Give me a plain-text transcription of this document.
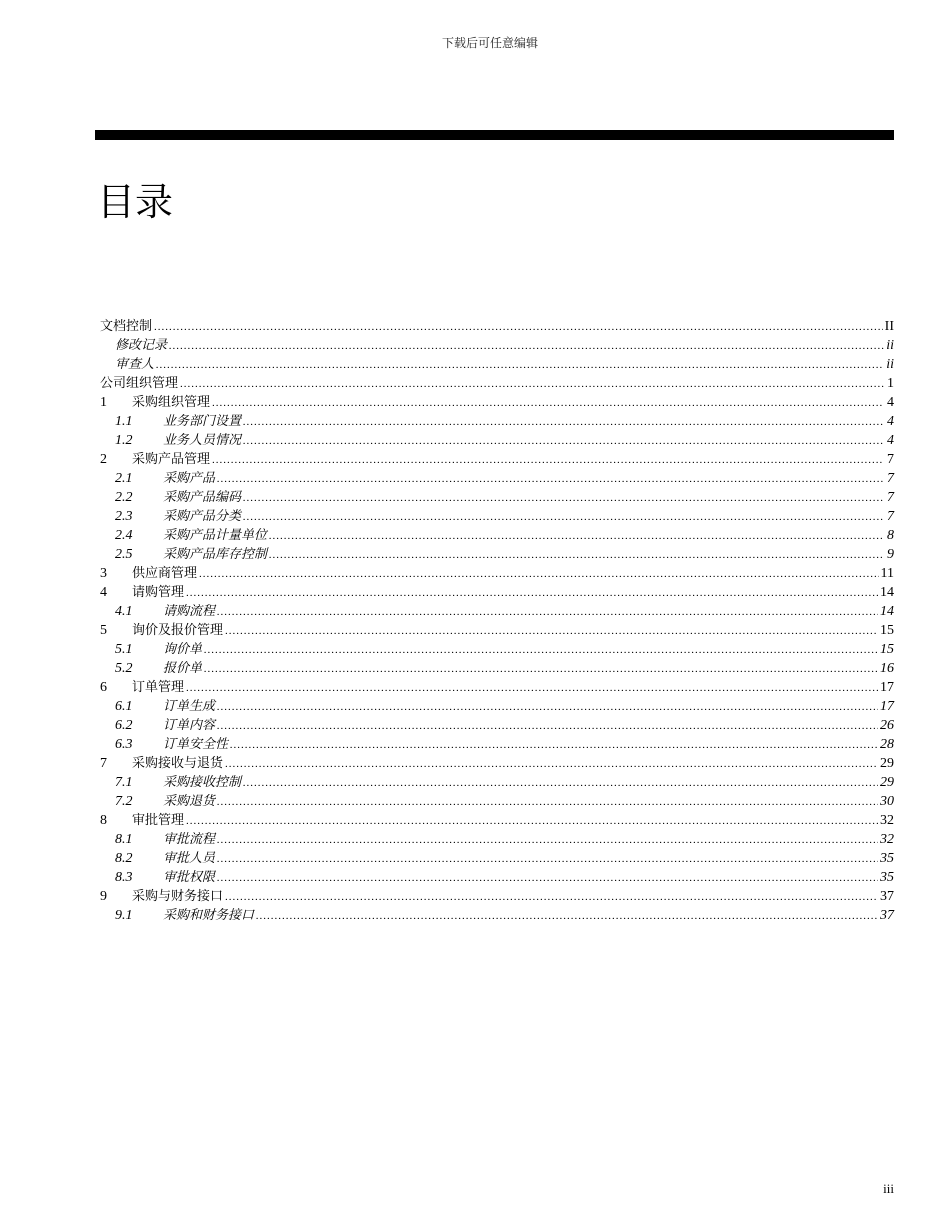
下载后可任意编辑
目录
文档控制 .....	II
修改记录 .....	ii
审查人 .....	ii
公司组织管理 .....	1
1	采购组织管理 .....	4
1.1	业务部门设置 .....	4
1.2	业务人员情况 .....	4
2	采购产品管理 .....	7
2.1	采购产品 .....	7
2.2	采购产品编码 .....	7
2.3	采购产品分类 .....	7
2.4	采购产品计量单位 .....	8
2.5	采购产品库存控制 .....	9
3	供应商管理 .....	11
4	请购管理 .....	14
4.1	请购流程 .....	14
5	询价及报价管理 .....	15
5.1	询价单 .....	15
5.2	报价单 .....	16
6	订单管理 .....	17
6.1	订单生成 .....	17
6.2	订单内容 .....	26
6.3	订单安全性 .....	28
7	采购接收与退货 .....	29
7.1	采购接收控制 .....	29
7.2	采购退货 .....	30
8	审批管理 .....	32
8.1	审批流程 .....	32
8.2	审批人员 .....	35
8.3	审批权限 .....	35
9	采购与财务接口 .....	37
9.1	采购和财务接口 .....	37
iii
